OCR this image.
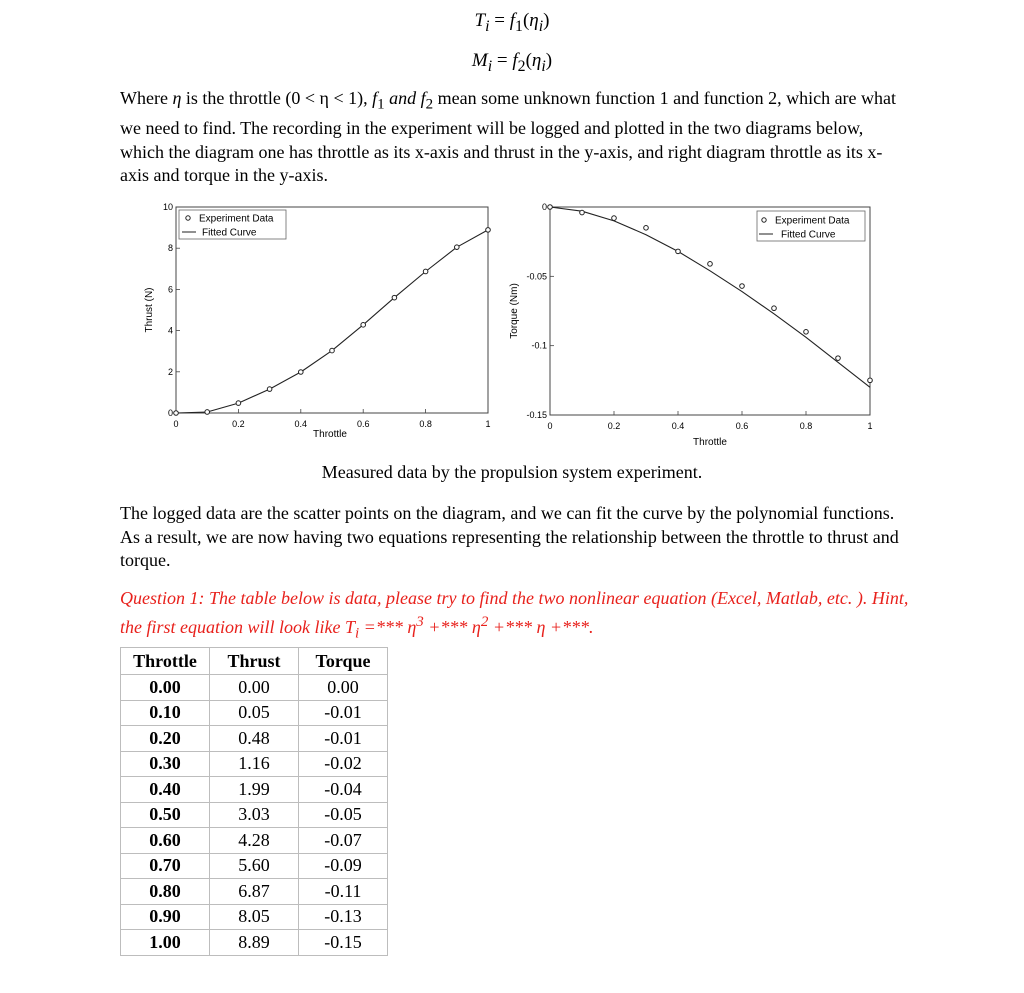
$T_i = f_1(\eta_i)$
$M_i = f_2(\eta_i)$
Where η is the throttle (0 < η < 1), $f_1$ and $f_2$ mean some unknown function 1 and function 2, which are what we need to find. The recording in the experiment will be logged and plotted in the two diagrams below, which the diagram one has throttle as its x-axis and thrust in the y-axis, and right diagram throttle as its x-axis and torque in the y-axis.
0	0.2	0.4	0.6	0.8	1
0
2
4
6
8
10
Thrust (N)
Throttle
Experiment Data
Fitted Curve
0	0.2	0.4	0.6	0.8	1
0
-0.05
-0.1
-0.15
Torque (Nm)
Throttle
Experiment Data
Fitted Curve
Measured data by the propulsion system experiment.
The logged data are the scatter points on the diagram, and we can fit the curve by the polynomial functions. As a result, we are now having two equations representing the relationship between the throttle to thrust and torque.
Question 1: The table below is data, please try to find the two nonlinear equation (Excel, Matlab, etc. ). Hint, the first equation will look like $T_i$ =*** $\eta^3$ +*** $\eta^2$ +*** η +***.
Throttle	Thrust	Torque
0.00	0.00	0.00
0.10	0.05	-0.01
0.20	0.48	-0.01
0.30	1.16	-0.02
0.40	1.99	-0.04
0.50	3.03	-0.05
0.60	4.28	-0.07
0.70	5.60	-0.09
0.80	6.87	-0.11
0.90	8.05	-0.13
1.00	8.89	-0.15
